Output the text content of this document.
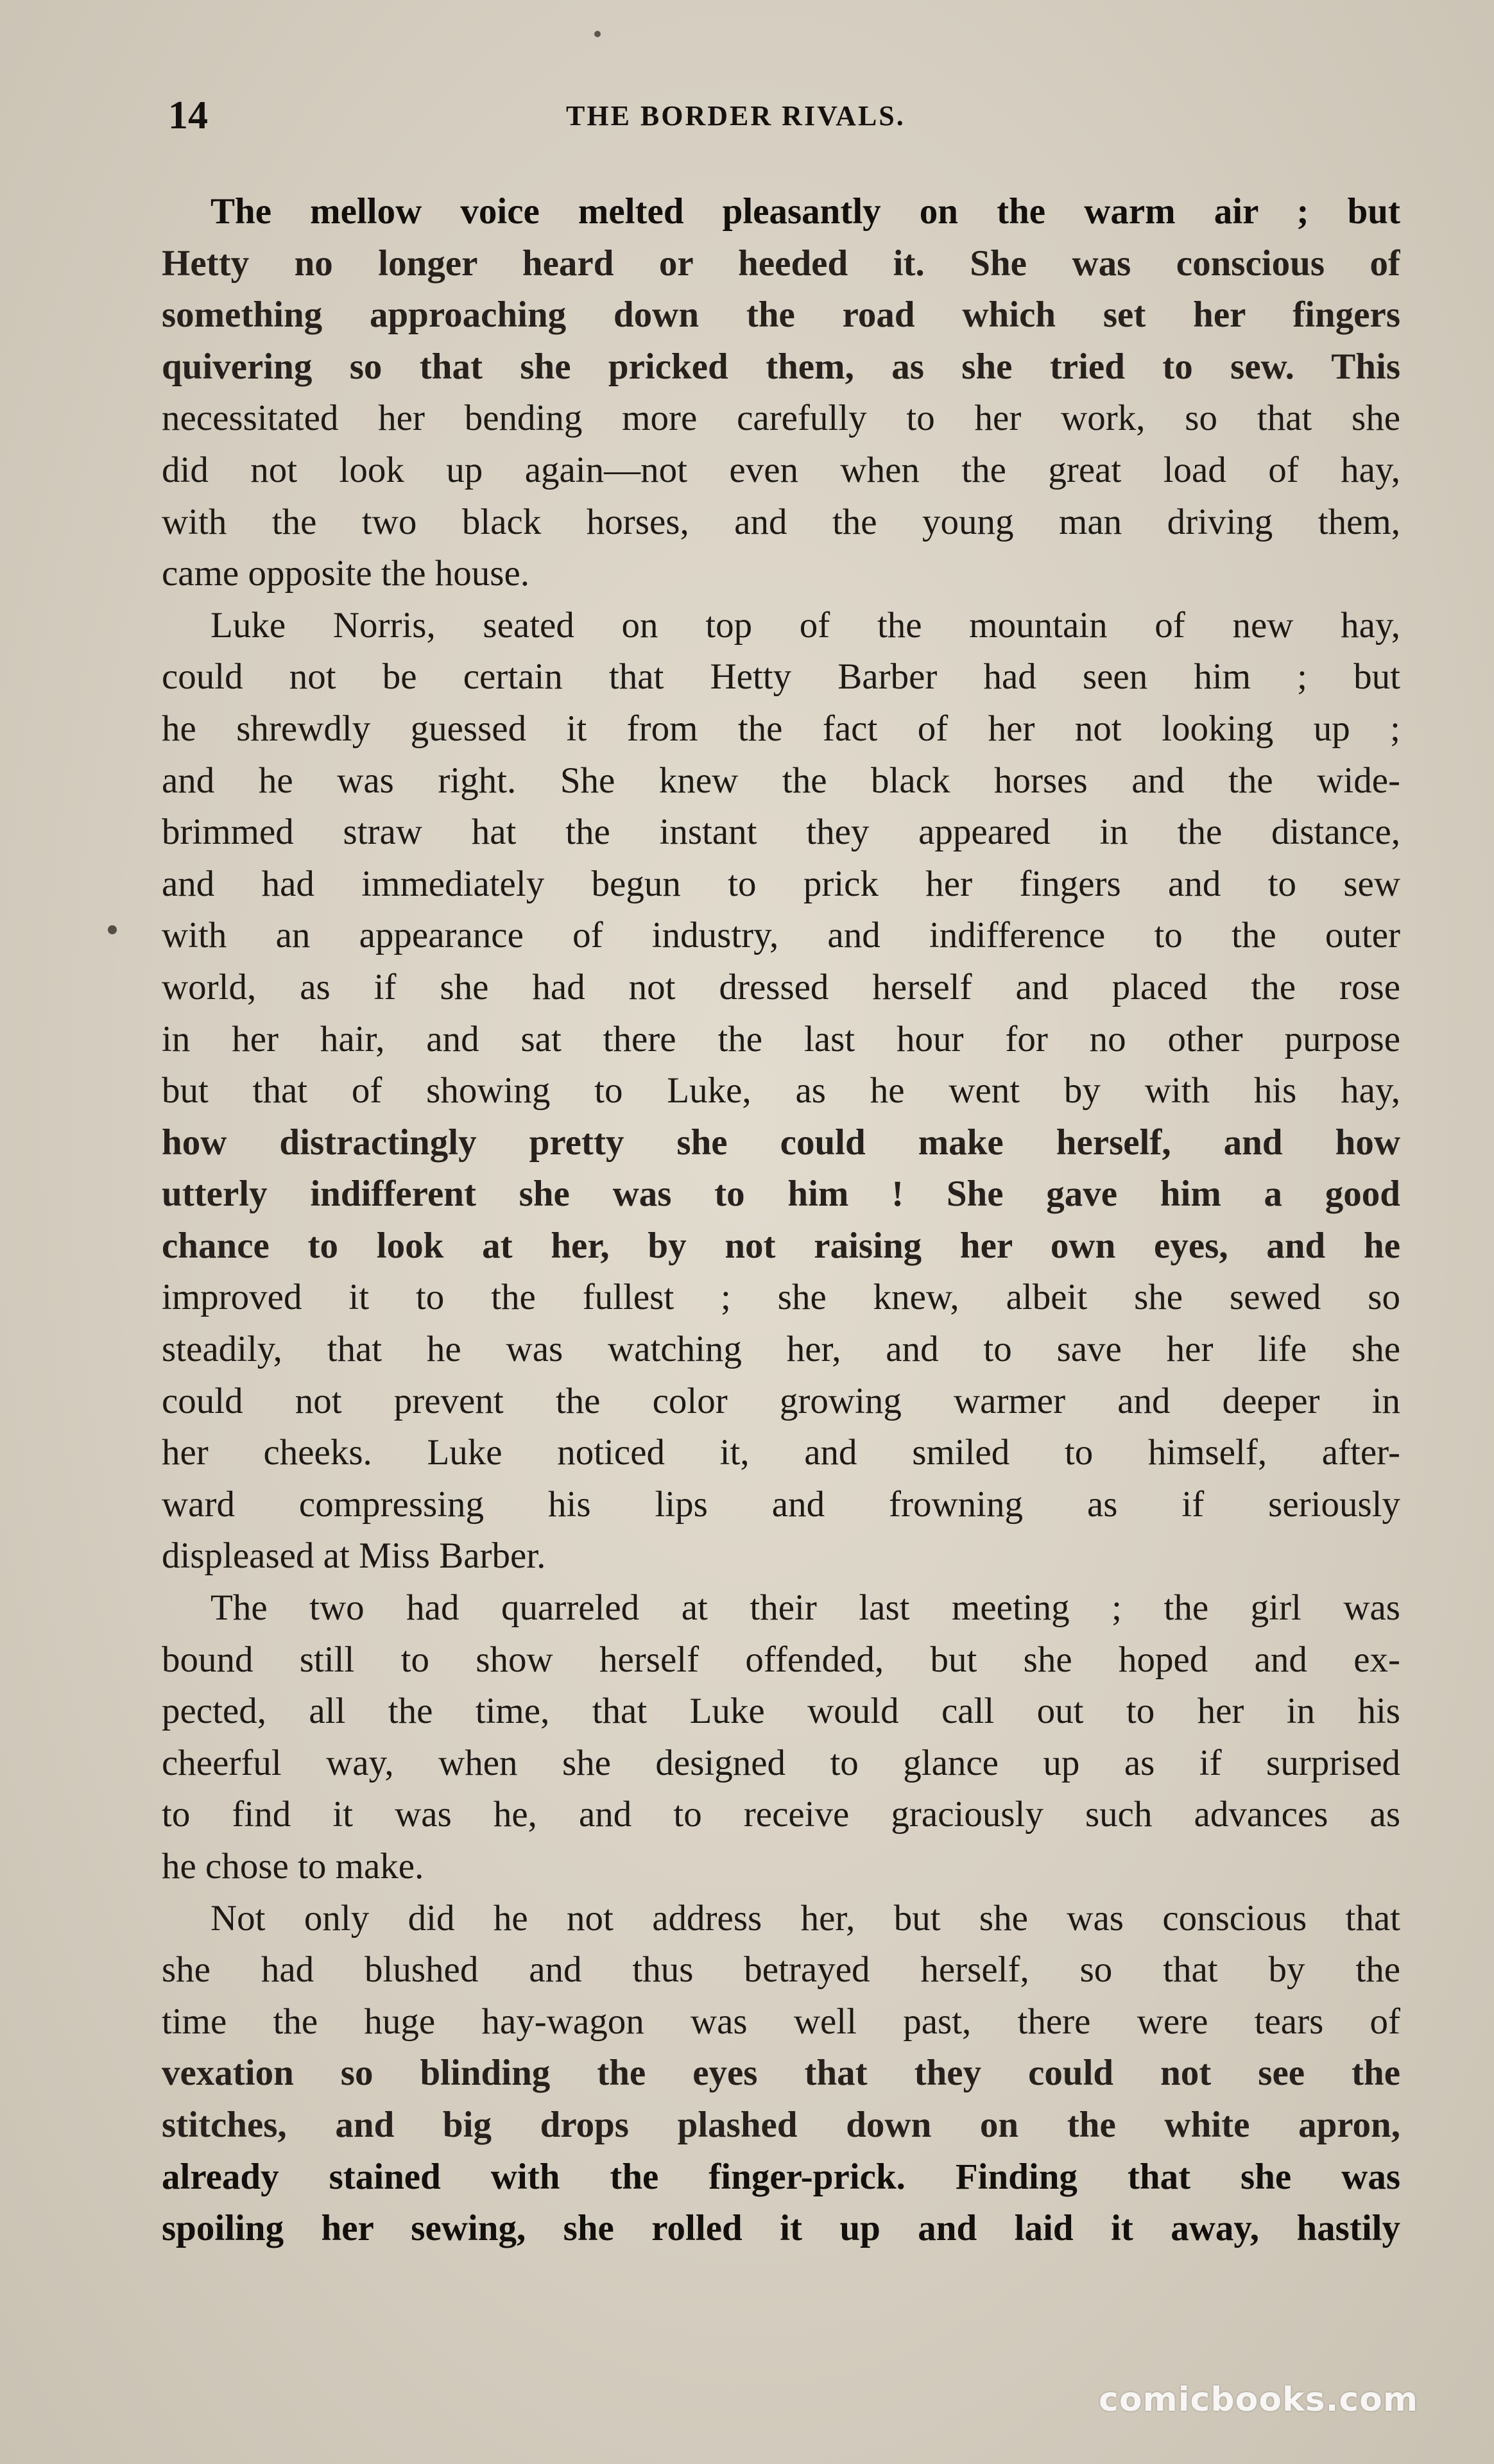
14	THE BORDER RIVALS.
The mellow voice melted pleasantly on the warm air ; but
Hetty no longer heard or heeded it. She was conscious of
something approaching down the road which set her fingers
quivering so that she pricked them, as she tried to sew. This
necessitated her bending more carefully to her work, so that she
did not look up again—not even when the great load of hay,
with the two black horses, and the young man driving them,
came opposite the house.
Luke Norris, seated on top of the mountain of new hay,
could not be certain that Hetty Barber had seen him ; but
he shrewdly guessed it from the fact of her not looking up ;
and he was right. She knew the black horses and the wide-
brimmed straw hat the instant they appeared in the distance,
and had immediately begun to prick her fingers and to sew
with an appearance of industry, and indifference to the outer
world, as if she had not dressed herself and placed the rose
in her hair, and sat there the last hour for no other purpose
but that of showing to Luke, as he went by with his hay,
how distractingly pretty she could make herself, and how
utterly indifferent she was to him ! She gave him a good
chance to look at her, by not raising her own eyes, and he
improved it to the fullest ; she knew, albeit she sewed so
steadily, that he was watching her, and to save her life she
could not prevent the color growing warmer and deeper in
her cheeks. Luke noticed it, and smiled to himself, after-
ward compressing his lips and frowning as if seriously
displeased at Miss Barber.
The two had quarreled at their last meeting ; the girl was
bound still to show herself offended, but she hoped and ex-
pected, all the time, that Luke would call out to her in his
cheerful way, when she designed to glance up as if surprised
to find it was he, and to receive graciously such advances as
he chose to make.
Not only did he not address her, but she was conscious that
she had blushed and thus betrayed herself, so that by the
time the huge hay-wagon was well past, there were tears of
vexation so blinding the eyes that they could not see the
stitches, and big drops plashed down on the white apron,
already stained with the finger-prick. Finding that she was
spoiling her sewing, she rolled it up and laid it away, hastily
comicbooks.com
